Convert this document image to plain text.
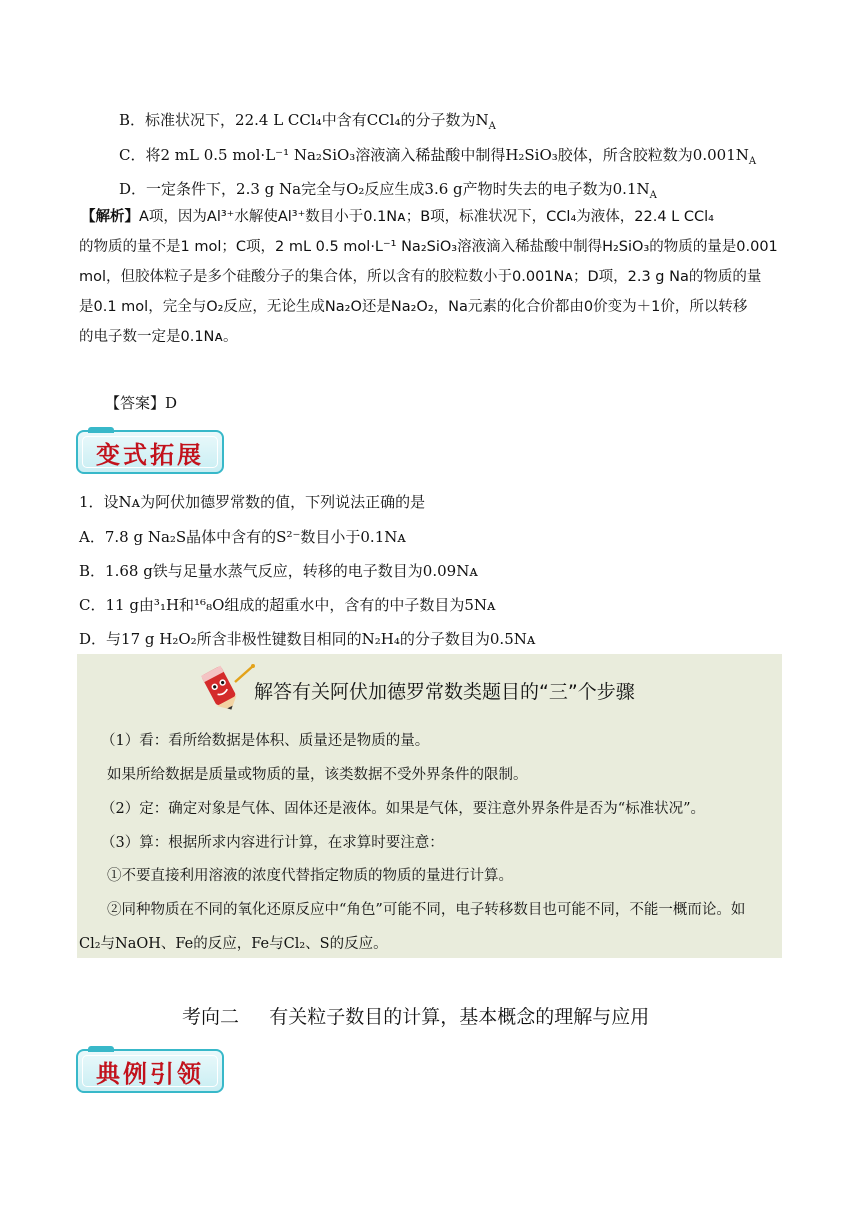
B．标准状况下，22.4 L CCl₄中含有CCl₄的分子数为$N_A$
C．将2 mL 0.5 mol·L⁻¹ Na₂SiO₃溶液滴入稀盐酸中制得H₂SiO₃胶体，所含胶粒数为$0.001N_A$
D．一定条件下，2.3 g Na完全与O₂反应生成3.6 g产物时失去的电子数为$0.1N_A$

【解析】A项，因为Al³⁺水解使Al³⁺数目小于0.1Nᴀ；B项，标准状况下，CCl₄为液体，22.4 L CCl₄

的物质的量不是1 mol；C项，2 mL 0.5 mol·L⁻¹ Na₂SiO₃溶液滴入稀盐酸中制得H₂SiO₃的物质的量是0.001

mol，但胶体粒子是多个硅酸分子的集合体，所以含有的胶粒数小于0.001Nᴀ；D项，2.3 g Na的物质的量

是0.1 mol，完全与O₂反应，无论生成Na₂O还是Na₂O₂，Na元素的化合价都由0价变为＋1价，所以转移

的电子数一定是0.1Nᴀ。

【答案】D
变式拓展
1．设Nᴀ为阿伏加德罗常数的值，下列说法正确的是
A．7.8 g Na₂S晶体中含有的S²⁻数目小于0.1Nᴀ
B．1.68 g铁与足量水蒸气反应，转移的电子数目为0.09Nᴀ
C．11 g由³₁H和¹⁶₈O组成的超重水中，含有的中子数目为5Nᴀ
D．与17 g H₂O₂所含非极性键数目相同的N₂H₄的分子数目为0.5Nᴀ
解答有关阿伏加德罗常数类题目的“三”个步骤
（1）看：看所给数据是体积、质量还是物质的量。
如果所给数据是质量或物质的量，该类数据不受外界条件的限制。
（2）定：确定对象是气体、固体还是液体。如果是气体，要注意外界条件是否为“标准状况”。
（3）算：根据所求内容进行计算，在求算时要注意：
①不要直接利用溶液的浓度代替指定物质的物质的量进行计算。
②同种物质在不同的氧化还原反应中“角色”可能不同，电子转移数目也可能不同，不能一概而论。如
Cl₂与NaOH、Fe的反应，Fe与Cl₂、S的反应。
考向二     有关粒子数目的计算，基本概念的理解与应用
典例引领
